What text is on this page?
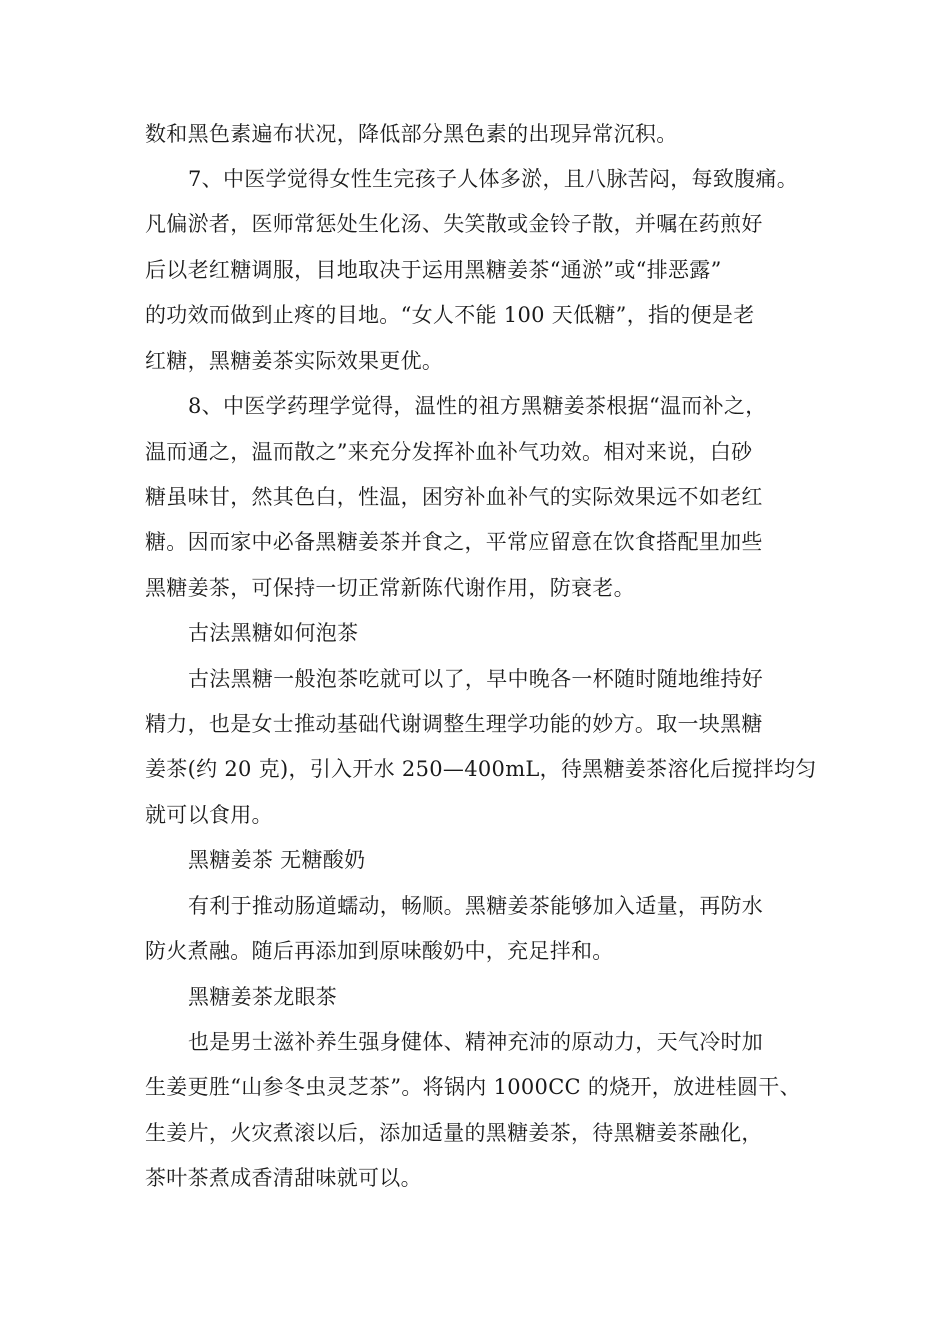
数和黑色素遍布状况，降低部分黑色素的出现异常沉积。
7、中医学觉得女性生完孩子人体多淤，且八脉苦闷，每致腹痛。
凡偏淤者，医师常惩处生化汤、失笑散或金铃子散，并嘱在药煎好
后以老红糖调服，目地取决于运用黑糖姜茶“通淤”或“排恶露”
的功效而做到止疼的目地。“女人不能 100 天低糖”，指的便是老
红糖，黑糖姜茶实际效果更优。
8、中医学药理学觉得，温性的祖方黑糖姜茶根据“温而补之，
温而通之，温而散之”来充分发挥补血补气功效。相对来说，白砂
糖虽味甘，然其色白，性温，困穷补血补气的实际效果远不如老红
糖。因而家中必备黑糖姜茶并食之，平常应留意在饮食搭配里加些
黑糖姜茶，可保持一切正常新陈代谢作用，防衰老。
古法黑糖如何泡茶
古法黑糖一般泡茶吃就可以了，早中晚各一杯随时随地维持好
精力，也是女士推动基础代谢调整生理学功能的妙方。取一块黑糖
姜茶(约 20 克)，引入开水 250—400mL，待黑糖姜茶溶化后搅拌均匀
就可以食用。
黑糖姜茶 无糖酸奶
有利于推动肠道蠕动，畅顺。黑糖姜茶能够加入适量，再防水
防火煮融。随后再添加到原味酸奶中，充足拌和。
黑糖姜茶龙眼茶
也是男士滋补养生强身健体、精神充沛的原动力，天气冷时加
生姜更胜“山参冬虫灵芝茶”。将锅内 1000CC 的烧开，放进桂圆干、
生姜片，火灾煮滚以后，添加适量的黑糖姜茶，待黑糖姜茶融化，
茶叶茶煮成香清甜味就可以。
